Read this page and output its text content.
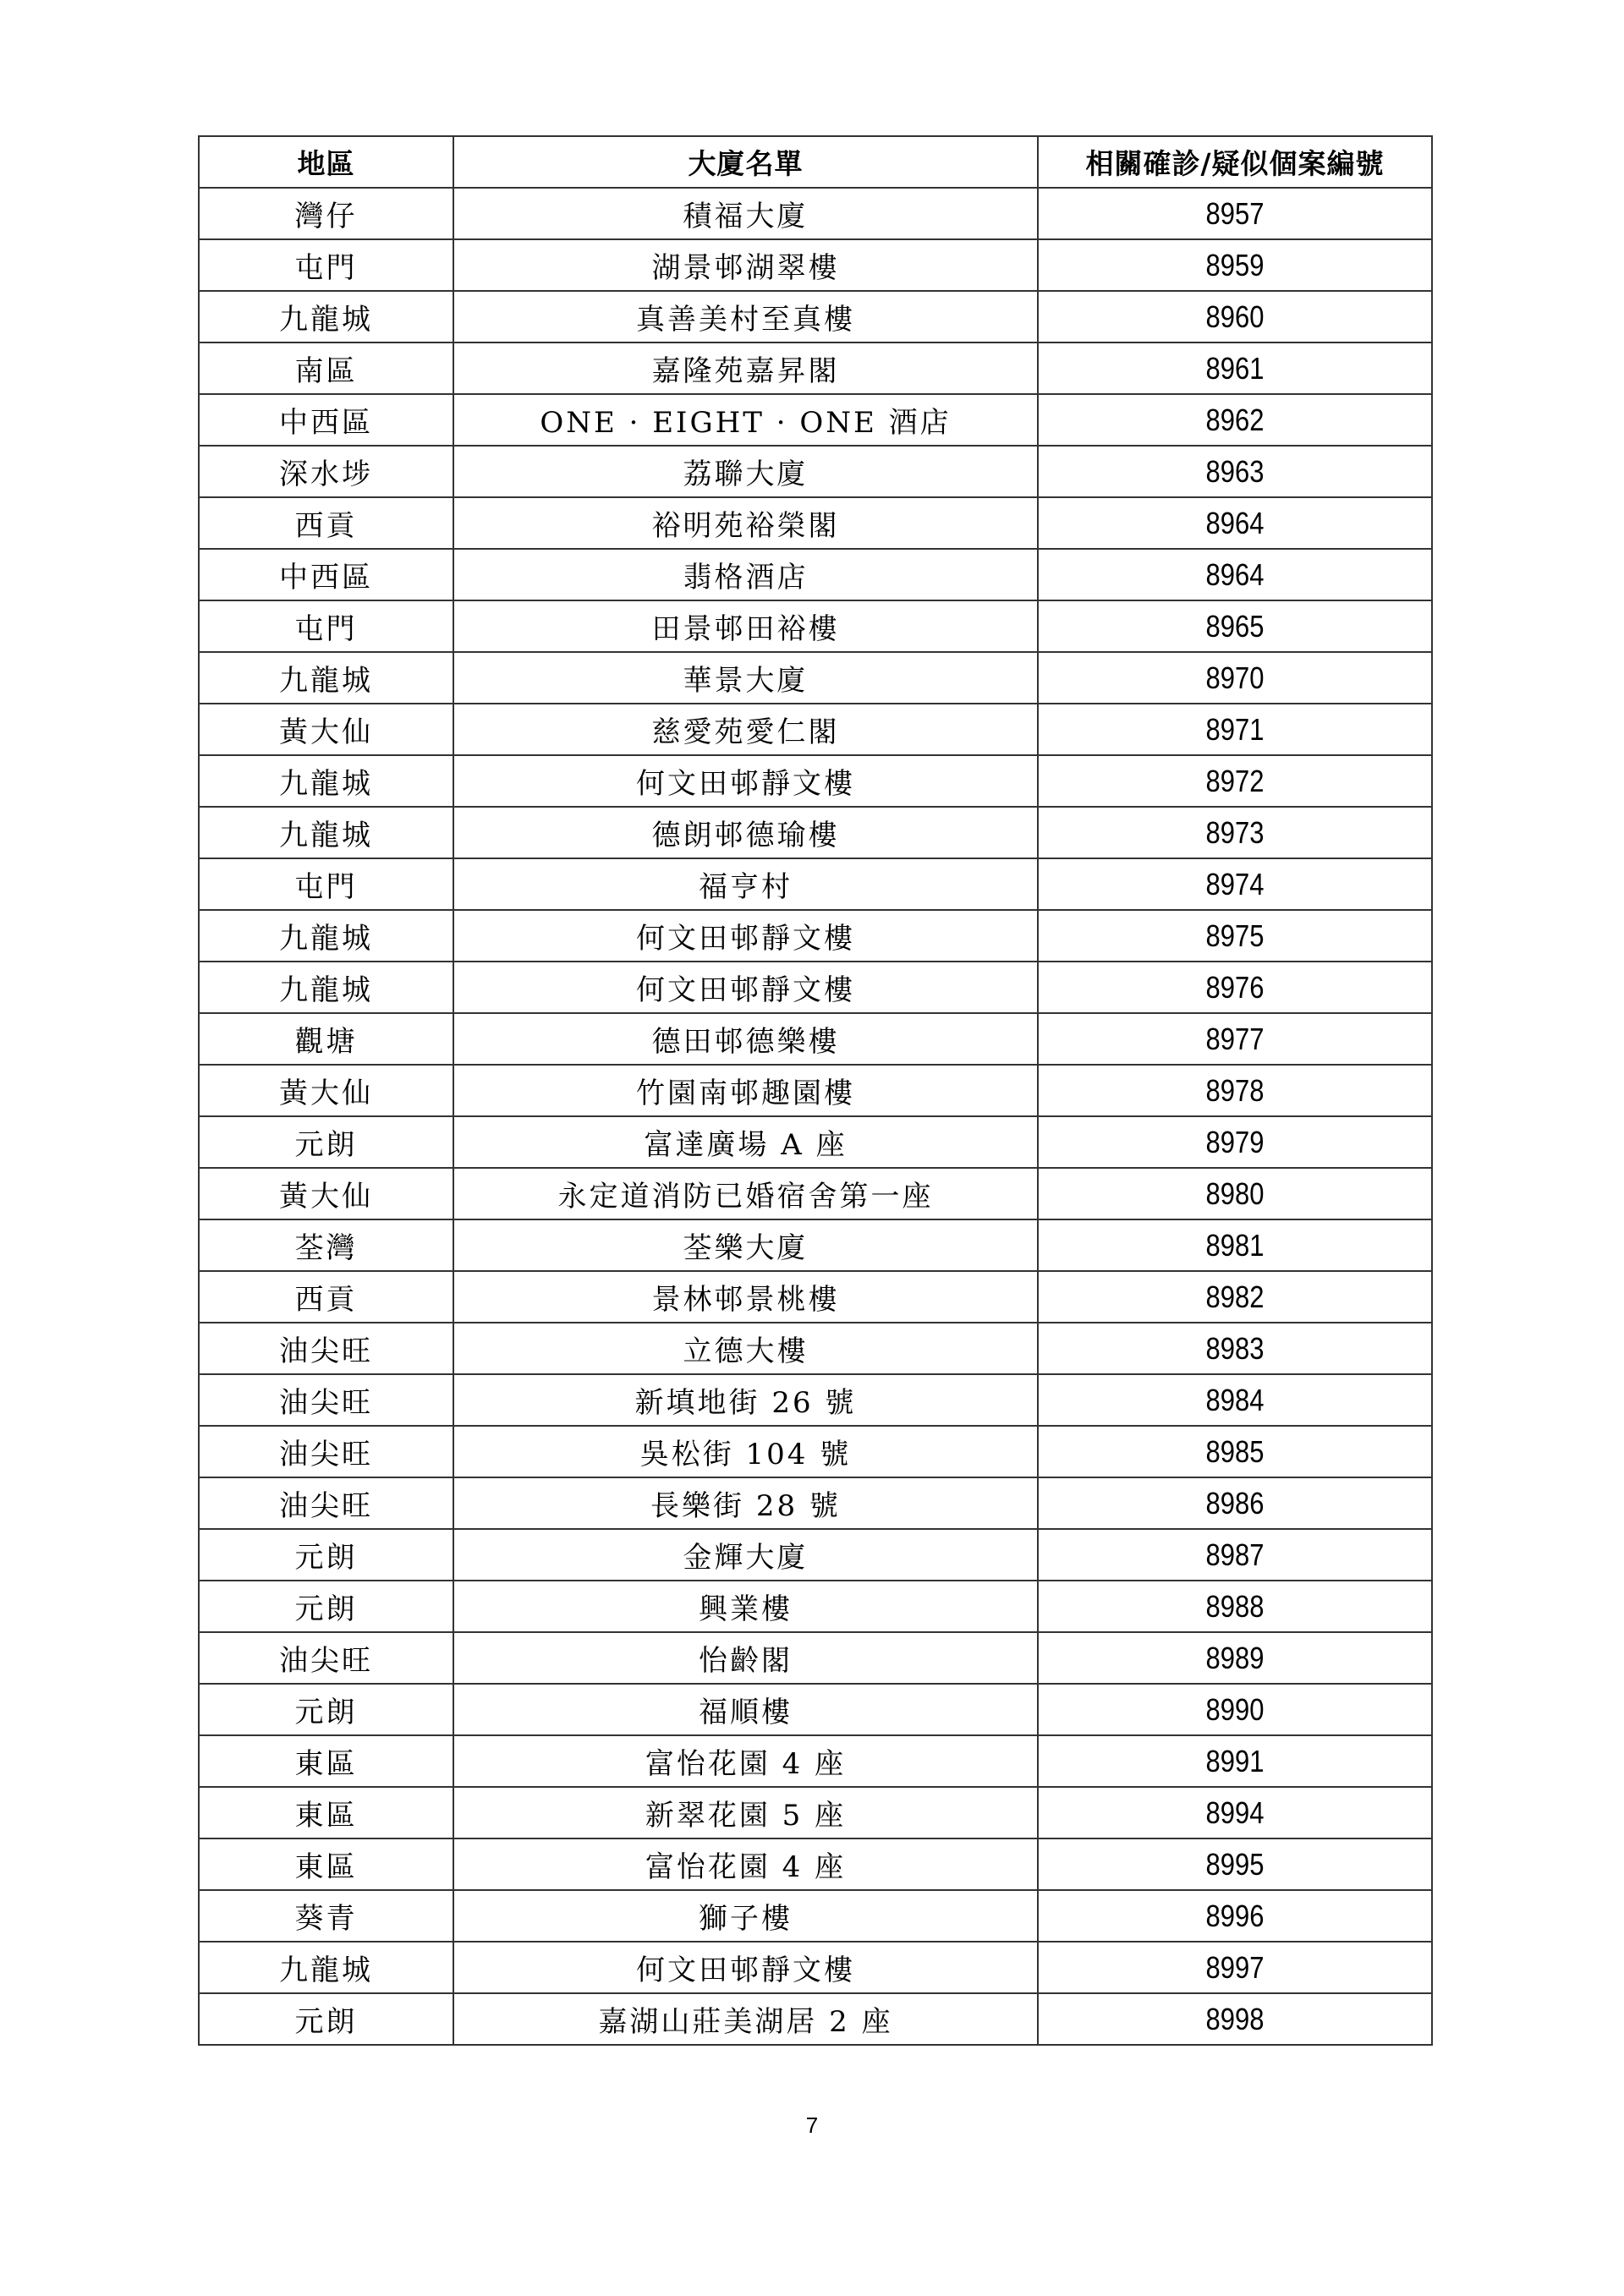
地區	大廈名單	相關確診/疑似個案編號
灣仔	積福大廈	8957
屯門	湖景邨湖翠樓	8959
九龍城	真善美村至真樓	8960
南區	嘉隆苑嘉昇閣	8961
中西區	ONE · EIGHT · ONE 酒店	8962
深水埗	荔聯大廈	8963
西貢	裕明苑裕榮閣	8964
中西區	翡格酒店	8964
屯門	田景邨田裕樓	8965
九龍城	華景大廈	8970
黃大仙	慈愛苑愛仁閣	8971
九龍城	何文田邨靜文樓	8972
九龍城	德朗邨德瑜樓	8973
屯門	福亨村	8974
九龍城	何文田邨靜文樓	8975
九龍城	何文田邨靜文樓	8976
觀塘	德田邨德樂樓	8977
黃大仙	竹園南邨趣園樓	8978
元朗	富達廣場 A 座	8979
黃大仙	永定道消防已婚宿舍第一座	8980
荃灣	荃樂大廈	8981
西貢	景林邨景桃樓	8982
油尖旺	立德大樓	8983
油尖旺	新填地街 26 號	8984
油尖旺	吳松街 104 號	8985
油尖旺	長樂街 28 號	8986
元朗	金輝大廈	8987
元朗	興業樓	8988
油尖旺	怡齡閣	8989
元朗	福順樓	8990
東區	富怡花園 4 座	8991
東區	新翠花園 5 座	8994
東區	富怡花園 4 座	8995
葵青	獅子樓	8996
九龍城	何文田邨靜文樓	8997
元朗	嘉湖山莊美湖居 2 座	8998
7
